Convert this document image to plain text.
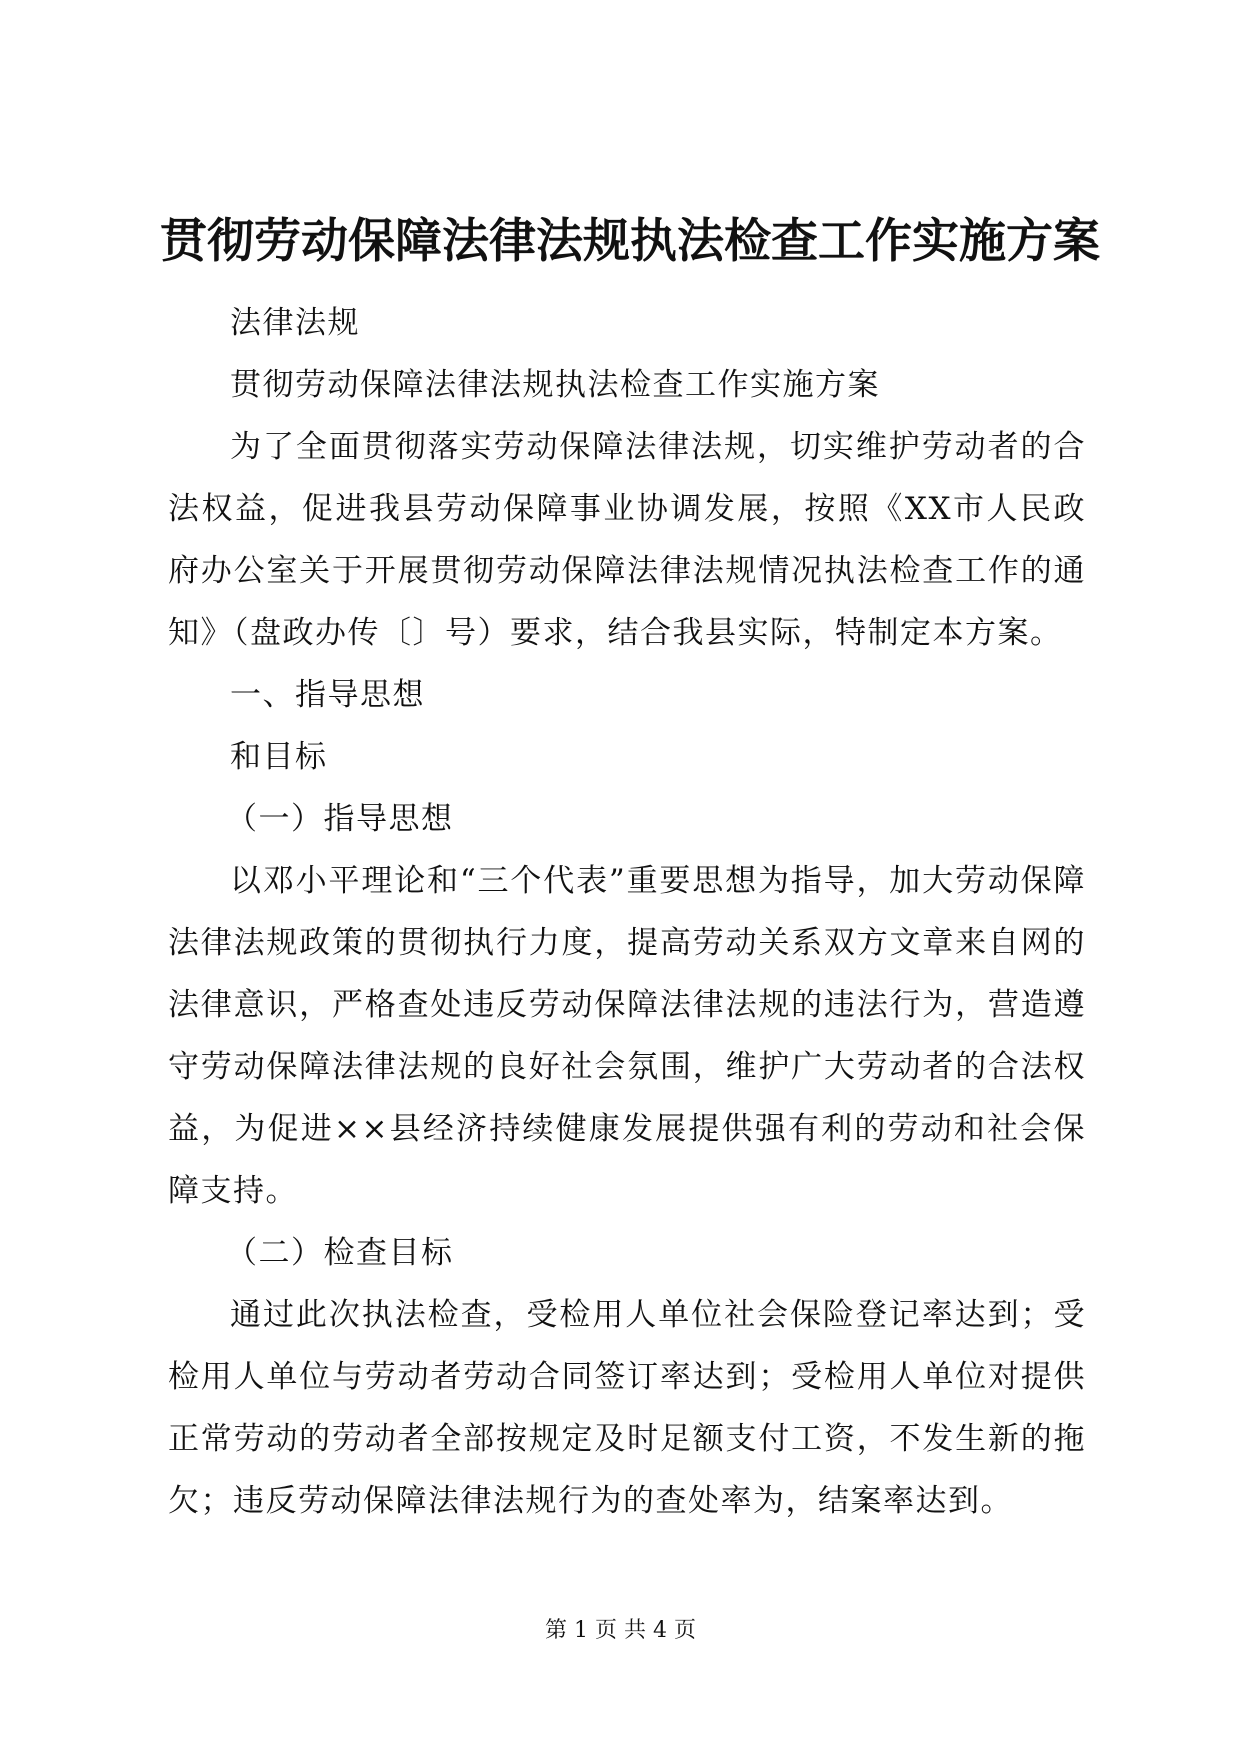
贯彻劳动保障法律法规执法检查工作实施方案

法律法规

贯彻劳动保障法律法规执法检查工作实施方案

为了全面贯彻落实劳动保障法律法规，切实维护劳动者的合法权益，促进我县劳动保障事业协调发展，按照《XX市人民政府办公室关于开展贯彻劳动保障法律法规情况执法检查工作的通知》（盘政办传〔〕号）要求，结合我县实际，特制定本方案。

一、指导思想

和目标

（一）指导思想

以邓小平理论和“三个代表”重要思想为指导，加大劳动保障法律法规政策的贯彻执行力度，提高劳动关系双方文章来自网的法律意识，严格查处违反劳动保障法律法规的违法行为，营造遵守劳动保障法律法规的良好社会氛围，维护广大劳动者的合法权益，为促进××县经济持续健康发展提供强有利的劳动和社会保障支持。

（二）检查目标

通过此次执法检查，受检用人单位社会保险登记率达到；受检用人单位与劳动者劳动合同签订率达到；受检用人单位对提供正常劳动的劳动者全部按规定及时足额支付工资，不发生新的拖欠；违反劳动保障法律法规行为的查处率为，结案率达到。

第 1 页 共 4 页
